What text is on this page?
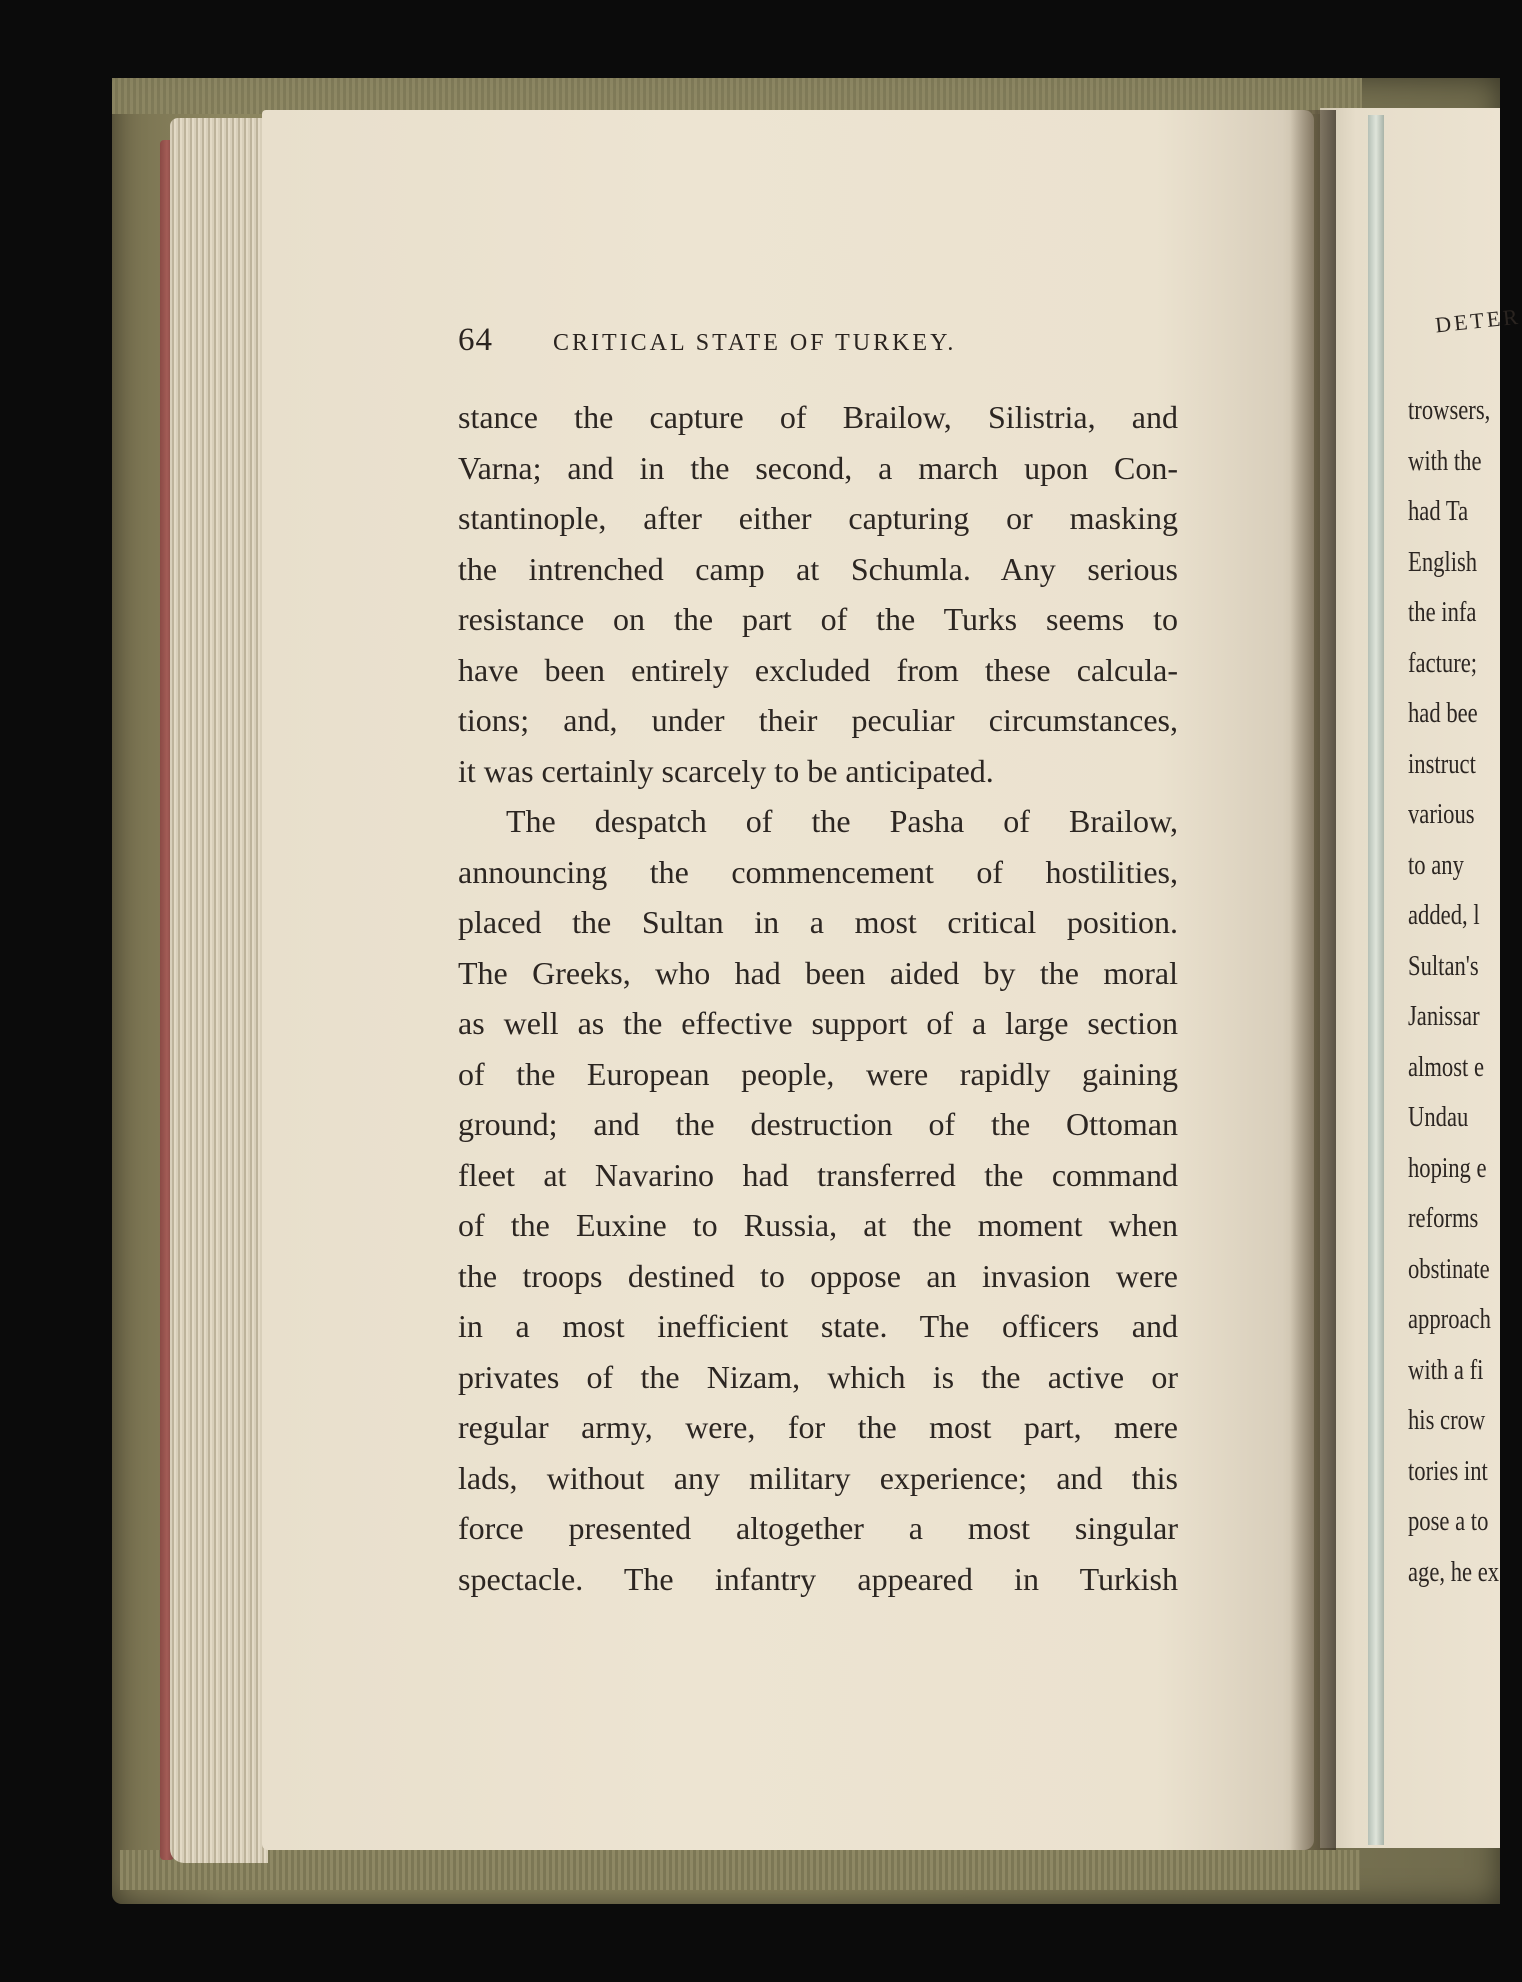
64	CRITICAL STATE OF TURKEY.
stance the capture of Brailow, Silistria, and
Varna; and in the second, a march upon Con-
stantinople, after either capturing or masking
the intrenched camp at Schumla. Any serious
resistance on the part of the Turks seems to
have been entirely excluded from these calcula-
tions; and, under their peculiar circumstances,
it was certainly scarcely to be anticipated.
The despatch of the Pasha of Brailow,
announcing the commencement of hostilities,
placed the Sultan in a most critical position.
The Greeks, who had been aided by the moral
as well as the effective support of a large section
of the European people, were rapidly gaining
ground; and the destruction of the Ottoman
fleet at Navarino had transferred the command
of the Euxine to Russia, at the moment when
the troops destined to oppose an invasion were
in a most inefficient state. The officers and
privates of the Nizam, which is the active or
regular army, were, for the most part, mere
lads, without any military experience; and this
force presented altogether a most singular
spectacle. The infantry appeared in Turkish
DETER
trowsers,
with the
had Ta
English
the infa
facture;
had bee
instruct
various
to any
added, l
Sultan's
Janissar
almost e
Undau
hoping e
reforms
obstinate
approach
with a fi
his crow
tories int
pose a to
age, he ex
